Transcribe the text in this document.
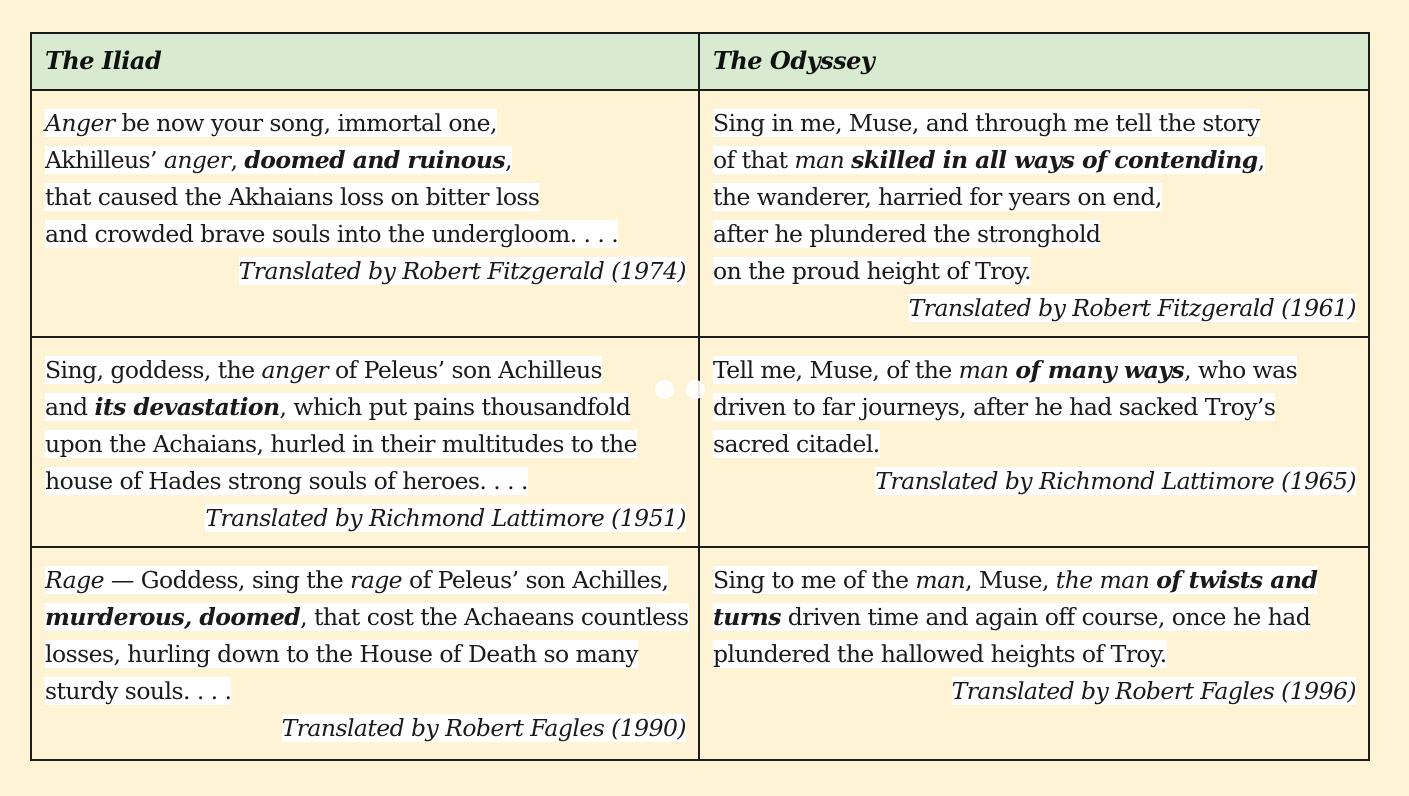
The Iliad	The Odyssey
Anger be now your song, immortal one,
Akhilleus’ anger, doomed and ruinous,
that caused the Akhaians loss on bitter loss
and crowded brave souls into the undergloom. . . .
Translated by Robert Fitzgerald (1974)
Sing in me, Muse, and through me tell the story
of that man skilled in all ways of contending,
the wanderer, harried for years on end,
after he plundered the stronghold
on the proud height of Troy.
Translated by Robert Fitzgerald (1961)
Sing, goddess, the anger of Peleus’ son Achilleus
and its devastation, which put pains thousandfold
upon the Achaians, hurled in their multitudes to the
house of Hades strong souls of heroes. . . .
Translated by Richmond Lattimore (1951)
Tell me, Muse, of the man of many ways, who was
driven to far journeys, after he had sacked Troy’s
sacred citadel.
Translated by Richmond Lattimore (1965)
Rage — Goddess, sing the rage of Peleus’ son Achilles,
murderous, doomed, that cost the Achaeans countless
losses, hurling down to the House of Death so many
sturdy souls. . . .
Translated by Robert Fagles (1990)
Sing to me of the man, Muse, the man of twists and
turns driven time and again off course, once he had
plundered the hallowed heights of Troy.
Translated by Robert Fagles (1996)
